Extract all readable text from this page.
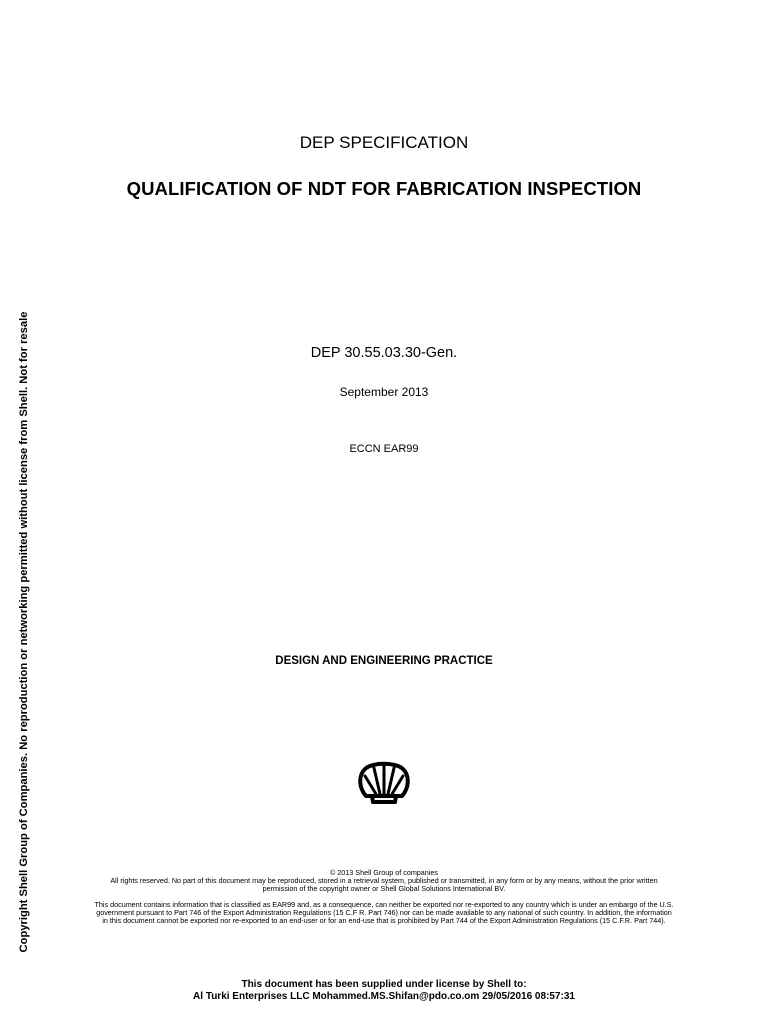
Copyright Shell Group of Companies. No reproduction or networking permitted without license from Shell. Not for resale
DEP SPECIFICATION
QUALIFICATION OF NDT FOR FABRICATION INSPECTION
DEP 30.55.03.30-Gen.
September 2013
ECCN EAR99
DESIGN AND ENGINEERING PRACTICE

© 2013 Shell Group of companies

All rights reserved. No part of this document may be reproduced, stored in a retrieval system, published or transmitted, in any form or by any means, without the prior written permission of the copyright owner or Shell Global Solutions International BV.

This document contains information that is classified as EAR99 and, as a consequence, can neither be exported nor re-exported to any country which is under an embargo of the U.S. government pursuant to Part 746 of the Export Administration Regulations (15 C.F R. Part 746) nor can be made available to any national of such country. In addition, the information in this document cannot be exported nor re-exported to an end-user or for an end-use that is prohibited by Part 744 of the Export Administration Regulations (15 C.F.R. Part 744).

This document has been supplied under license by Shell to:
Al Turki Enterprises LLC Mohammed.MS.Shifan@pdo.co.om 29/05/2016 08:57:31
